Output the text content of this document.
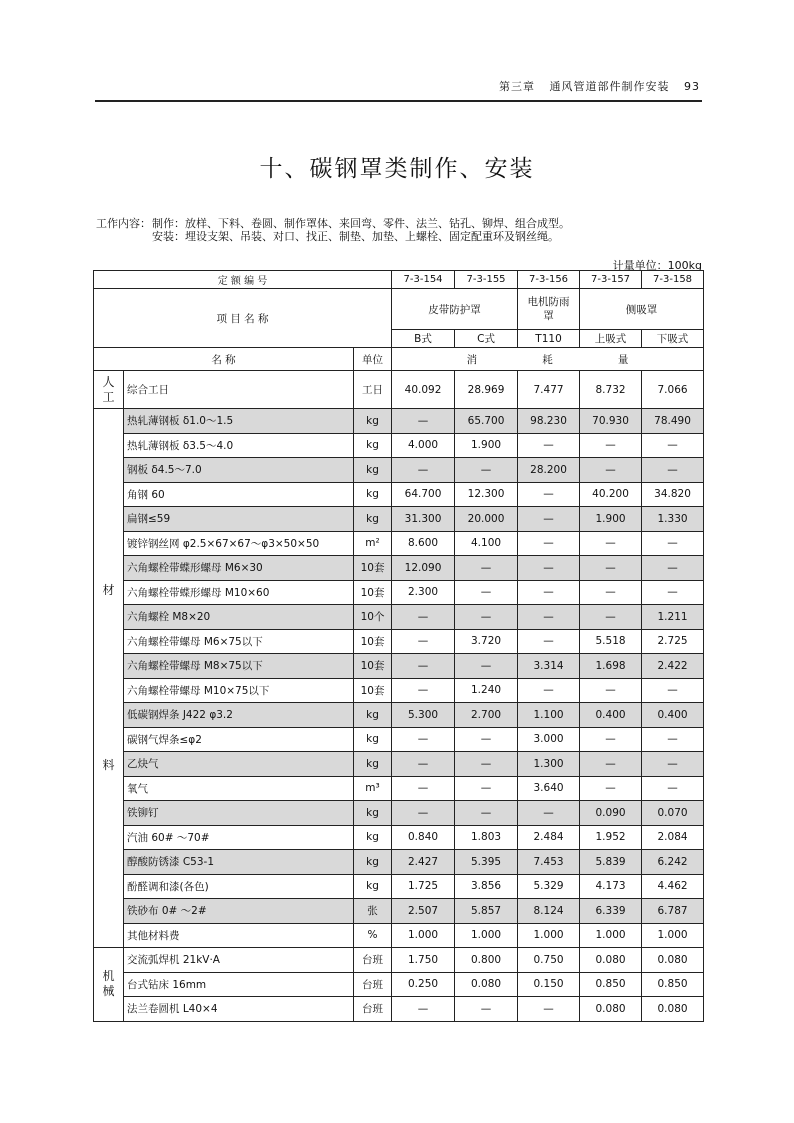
第三章 通风管道部件制作安装 93
十、碳钢罩类制作、安装
工作内容： 制作：放样、下料、卷圆、制作罩体、来回弯、零件、法兰、钻孔、铆焊、组合成型。
安装：埋设支架、吊装、对口、找正、制垫、加垫、上螺栓、固定配重环及钢丝绳。
计量单位：100kg
定 额 编 号			7-3-154	7-3-155	7-3-156	7-3-157	7-3-158
项 目 名 称			皮带防护罩		电机防雨罩	侧吸罩	
			B式	C式	T110	上吸式	下吸式
名 称		单位	消 耗 量				

人工	综合工日	工日	40.092	28.969	7.477	8.732	7.066

材
料	热轧薄钢板 δ1.0～1.5	kg	—	65.700	98.230	70.930	78.490
	热轧薄钢板 δ3.5～4.0	kg	4.000	1.900	—	—	—
	钢板 δ4.5～7.0	kg	—	—	28.200	—	—
	角钢 60	kg	64.700	12.300	—	40.200	34.820
	扁钢≤59	kg	31.300	20.000	—	1.900	1.330
	镀锌钢丝网 φ2.5×67×67～φ3×50×50	m²	8.600	4.100	—	—	—
	六角螺栓带蝶形螺母 M6×30	10套	12.090	—	—	—	—
	六角螺栓带蝶形螺母 M10×60	10套	2.300	—	—	—	—
	六角螺栓 M8×20	10个	—	—	—	—	1.211
	六角螺栓带螺母 M6×75以下	10套	—	3.720	—	5.518	2.725
	六角螺栓带螺母 M8×75以下	10套	—	—	3.314	1.698	2.422
	六角螺栓带螺母 M10×75以下	10套	—	1.240	—	—	—
	低碳钢焊条 J422 φ3.2	kg	5.300	2.700	1.100	0.400	0.400
	碳钢气焊条≤φ2	kg	—	—	3.000	—	—
	乙炔气	kg	—	—	1.300	—	—
	氧气	m³	—	—	3.640	—	—
	铁铆钉	kg	—	—	—	0.090	0.070
	汽油 60# ～70#	kg	0.840	1.803	2.484	1.952	2.084
	醇酸防锈漆 C53-1	kg	2.427	5.395	7.453	5.839	6.242
	酚醛调和漆(各色)	kg	1.725	3.856	5.329	4.173	4.462
	铁砂布 0# ～2#	张	2.507	5.857	8.124	6.339	6.787
	其他材料费	%	1.000	1.000	1.000	1.000	1.000
机械	交流弧焊机 21kV·A	台班	1.750	0.800	0.750	0.080	0.080
	台式钻床 16mm	台班	0.250	0.080	0.150	0.850	0.850
	法兰卷圆机 L40×4	台班	—	—	—	0.080	0.080
